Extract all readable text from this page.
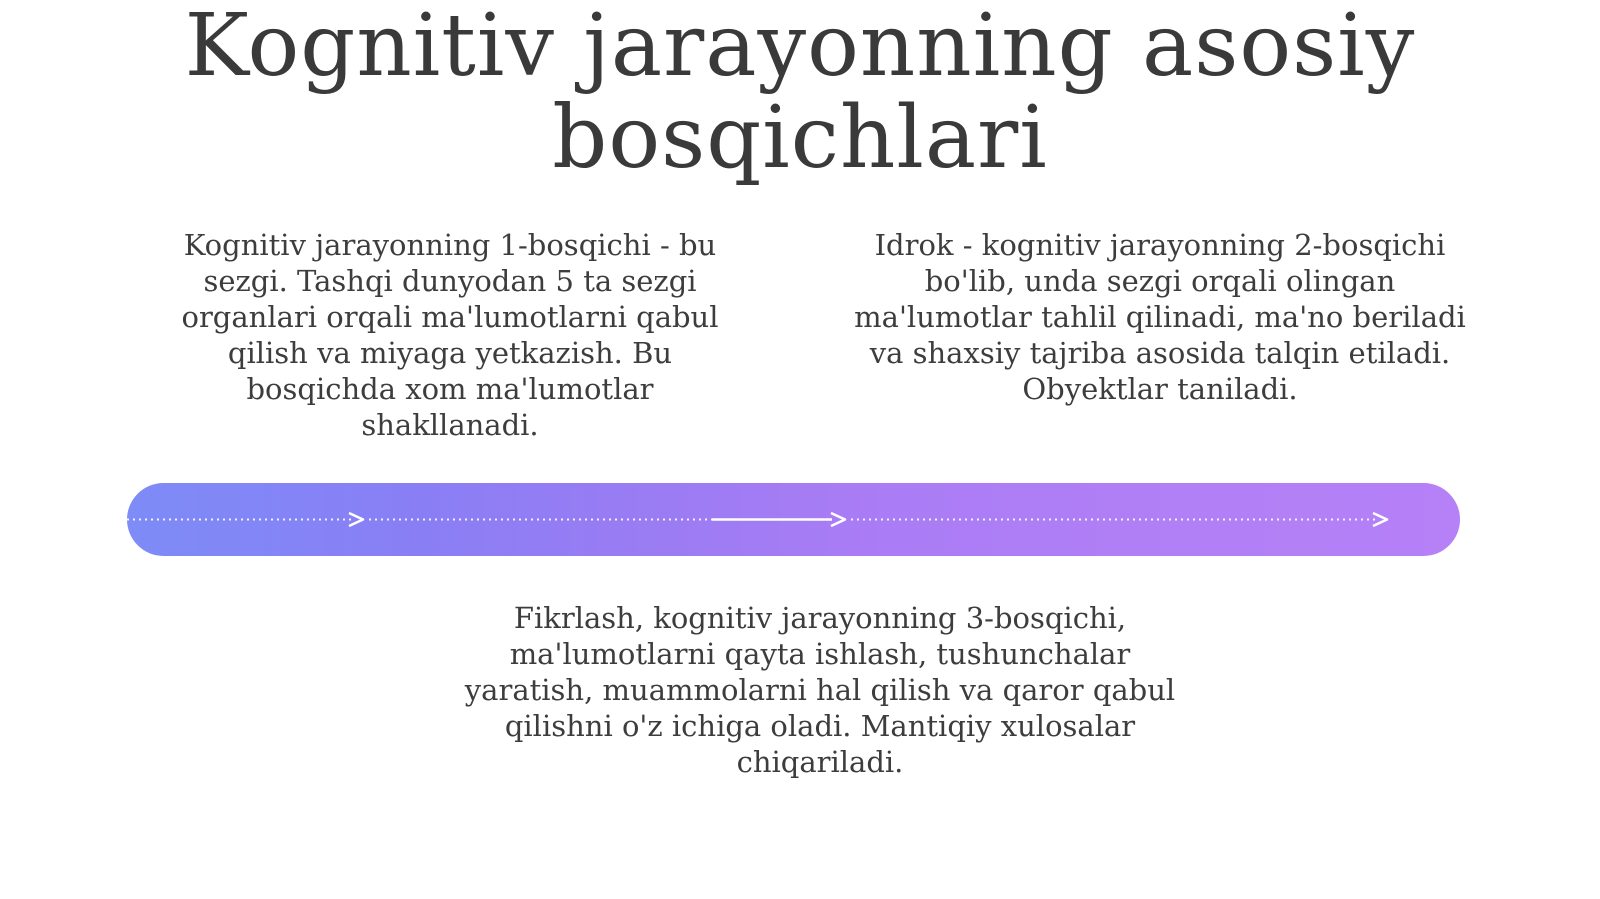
Kognitiv jarayonning asosiy bosqichlari

Kognitiv jarayonning 1-bosqichi - bu sezgi. Tashqi dunyodan 5 ta sezgi organlari orqali ma'lumotlarni qabul qilish va miyaga yetkazish. Bu bosqichda xom ma'lumotlar shakllanadi.

Idrok - kognitiv jarayonning 2-bosqichi bo'lib, unda sezgi orqali olingan ma'lumotlar tahlil qilinadi, ma'no beriladi va shaxsiy tajriba asosida talqin etiladi. Obyektlar taniladi.

Fikrlash, kognitiv jarayonning 3-bosqichi, ma'lumotlarni qayta ishlash, tushunchalar yaratish, muammolarni hal qilish va qaror qabul qilishni o'z ichiga oladi. Mantiqiy xulosalar chiqariladi.
